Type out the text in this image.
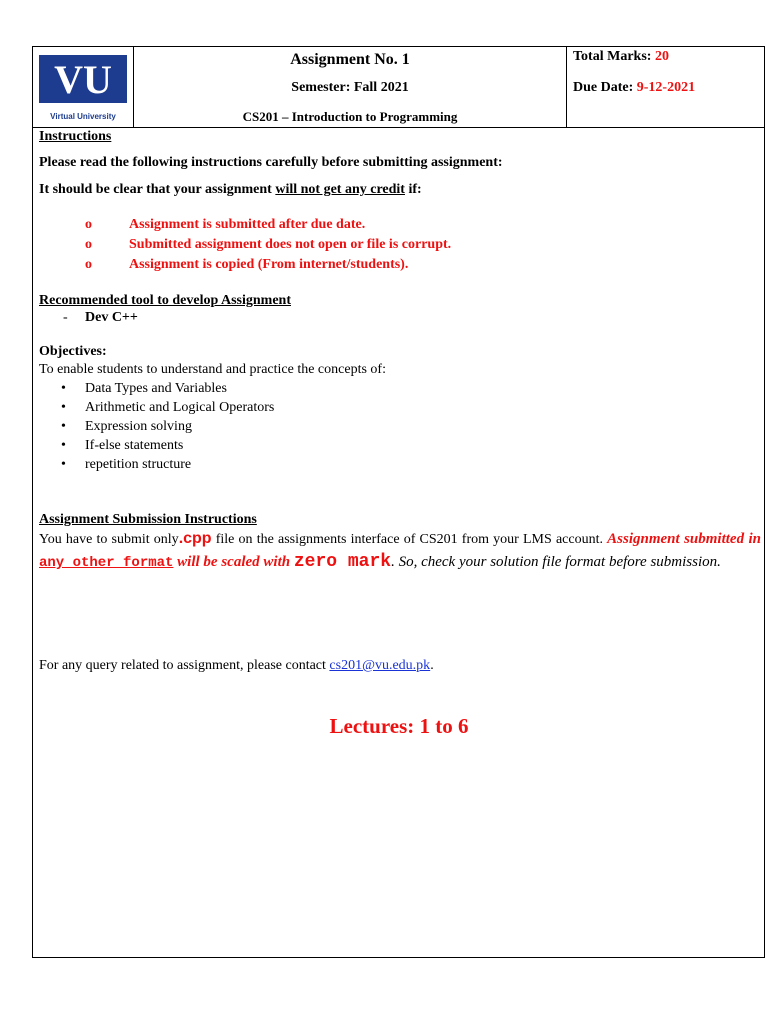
VU
Virtual University
Assignment No. 1
Semester: Fall 2021
CS201 – Introduction to Programming
Total Marks: 20
Due Date: 9-12-2021
Instructions
Please read the following instructions carefully before submitting assignment:
It should be clear that your assignment will not get any credit if:
o	Assignment is submitted after due date.
o	Submitted assignment does not open or file is corrupt.
o	Assignment is copied (From internet/students).
Recommended tool to develop Assignment
- Dev C++
Objectives:
To enable students to understand and practice the concepts of:
• Data Types and Variables
• Arithmetic and Logical Operators
• Expression solving
• If-else statements
• repetition structure
Assignment Submission Instructions
You have to submit only.cpp file on the assignments interface of CS201 from your LMS account. Assignment submitted in any other format will be scaled with zero mark. So, check your solution file format before submission.
For any query related to assignment, please contact cs201@vu.edu.pk.
Lectures: 1 to 6
